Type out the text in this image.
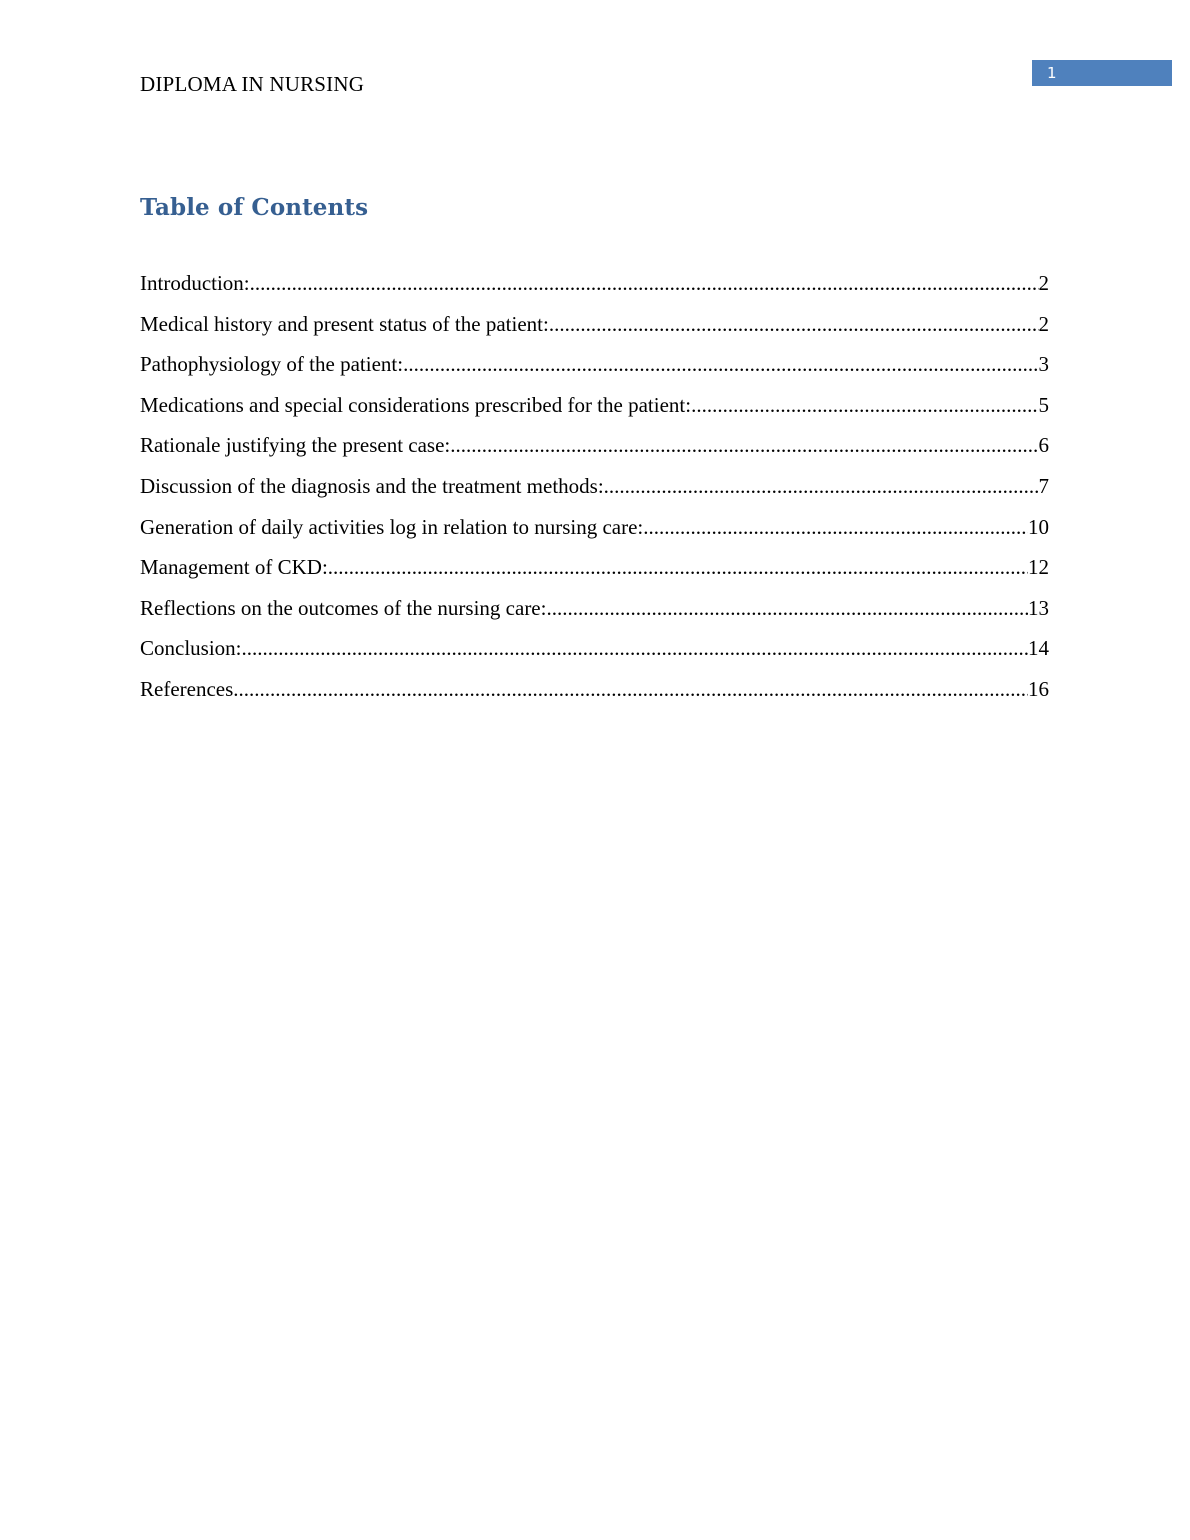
1
DIPLOMA IN NURSING
Table of Contents
Introduction: .....	2
Medical history and present status of the patient: .....	2
Pathophysiology of the patient: .....	3
Medications and special considerations prescribed for the patient: .....	5
Rationale justifying the present case: .....	6
Discussion of the diagnosis and the treatment methods: .....	7
Generation of daily activities log in relation to nursing care: .....	10
Management of CKD: .....	12
Reflections on the outcomes of the nursing care: .....	13
Conclusion: .....	14
References .....	16
